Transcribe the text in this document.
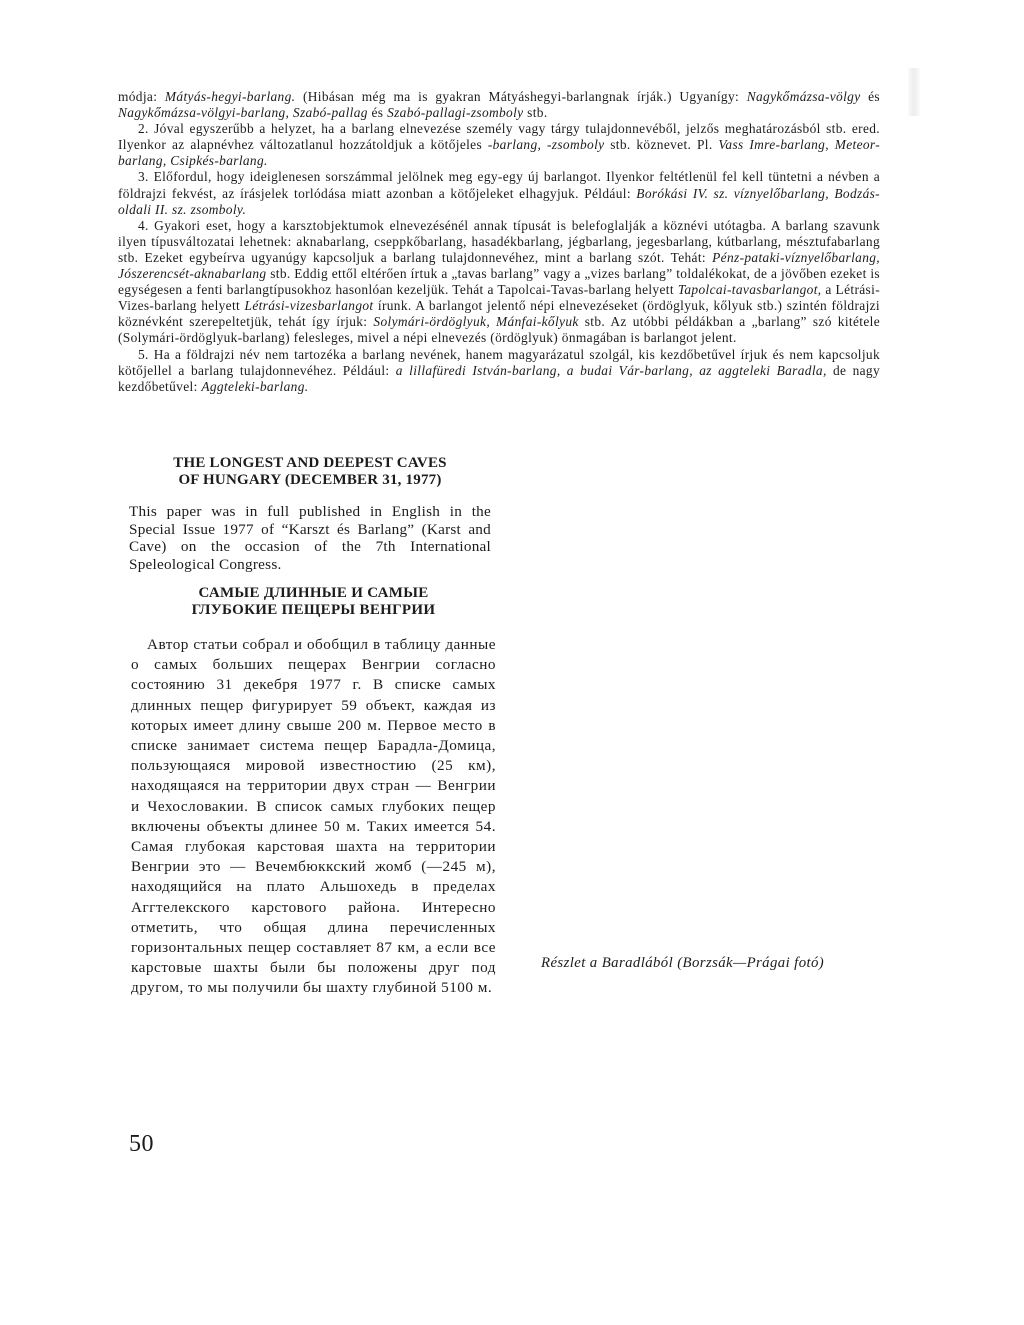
módja: Mátyás-hegyi-barlang. (Hibásan még ma is gyakran Mátyáshegyi-barlangnak írják.) Ugyanígy: Nagykőmázsa-völgy és Nagykőmázsa-völgyi-barlang, Szabó-pallag és Szabó-pallagi-zsomboly stb.

2. Jóval egyszerűbb a helyzet, ha a barlang elnevezése személy vagy tárgy tulajdonnevéből, jelzős meghatározásból stb. ered. Ilyenkor az alapnévhez változatlanul hozzátoldjuk a kötőjeles -barlang, -zsomboly stb. köznevet. Pl. Vass Imre-barlang, Meteor-barlang, Csipkés-barlang.

3. Előfordul, hogy ideiglenesen sorszámmal jelölnek meg egy-egy új barlangot. Ilyenkor feltétlenül fel kell tüntetni a névben a földrajzi fekvést, az írásjelek torlódása miatt azonban a kötőjeleket elhagyjuk. Például: Borókási IV. sz. víznyelőbarlang, Bodzás-oldali II. sz. zsomboly.

4. Gyakori eset, hogy a karsztobjektumok elnevezésénél annak típusát is belefoglalják a köznévi utótagba. A barlang szavunk ilyen típusváltozatai lehetnek: aknabarlang, cseppkőbarlang, hasadékbarlang, jégbarlang, jegesbarlang, kútbarlang, mésztufabarlang stb. Ezeket egybeírva ugyanúgy kapcsoljuk a barlang tulajdonnevéhez, mint a barlang szót. Tehát: Pénz-pataki-víznyelőbarlang, Jószerencsét-aknabarlang stb. Eddig ettől eltérően írtuk a „tavas barlang” vagy a „vizes barlang” toldalékokat, de a jövőben ezeket is egységesen a fenti barlangtípusokhoz hasonlóan kezeljük. Tehát a Tapolcai-Tavas-barlang helyett Tapolcai-tavasbarlangot, a Létrási-Vizes-barlang helyett Létrási-vizesbarlangot írunk. A barlangot jelentő népi elnevezéseket (ördöglyuk, kőlyuk stb.) szintén földrajzi köznévként szerepeltetjük, tehát így írjuk: Solymári-ördöglyuk, Mánfai-kőlyuk stb. Az utóbbi példákban a „barlang” szó kitétele (Solymári-ördöglyuk-barlang) felesleges, mivel a népi elnevezés (ördöglyuk) önmagában is barlangot jelent.

5. Ha a földrajzi név nem tartozéka a barlang nevének, hanem magyarázatul szolgál, kis kezdőbetűvel írjuk és nem kapcsoljuk kötőjellel a barlang tulajdonnevéhez. Például: a lillafüredi István-barlang, a budai Vár-barlang, az aggteleki Baradla, de nagy kezdőbetűvel: Aggteleki-barlang.

THE LONGEST AND DEEPEST CAVES
OF HUNGARY (DECEMBER 31, 1977)

This paper was in full published in English in the Special Issue 1977 of “Karszt és Barlang” (Karst and Cave) on the occasion of the 7th International Speleological Congress.

САМЫЕ ДЛИННЫЕ И САМЫЕ
ГЛУБОКИЕ ПЕЩЕРЫ ВЕНГРИИ

Автор статьи собрал и обобщил в таблицу данные о самых больших пещерах Венгрии согласно состоянию 31 декебря 1977 г. В списке самых длинных пещер фигурирует 59 объект, каждая из которых имеет длину свыше 200 м. Первое место в списке занимает система пещер Барадла-Домица, пользующаяся мировой известностию (25 км), находящаяся на территории двух стран — Венгрии и Чехословакии. В список самых глубоких пещер включены объекты длинее 50 м. Таких имеется 54. Самая глубокая карстовая шахта на территории Венгрии это — Вечембюккский жомб (—245 м), находящийся на плато Альшохедь в пределах Аггтелекского карстового района. Интересно отметить, что общая длина перечисленных горизонтальных пещер составляет 87 км, а если все карстовые шахты были бы положены друг под другом, то мы получили бы шахту глубиной 5100 м.

Részlet a Baradlából (Borzsák—Prágai fotó)
50
